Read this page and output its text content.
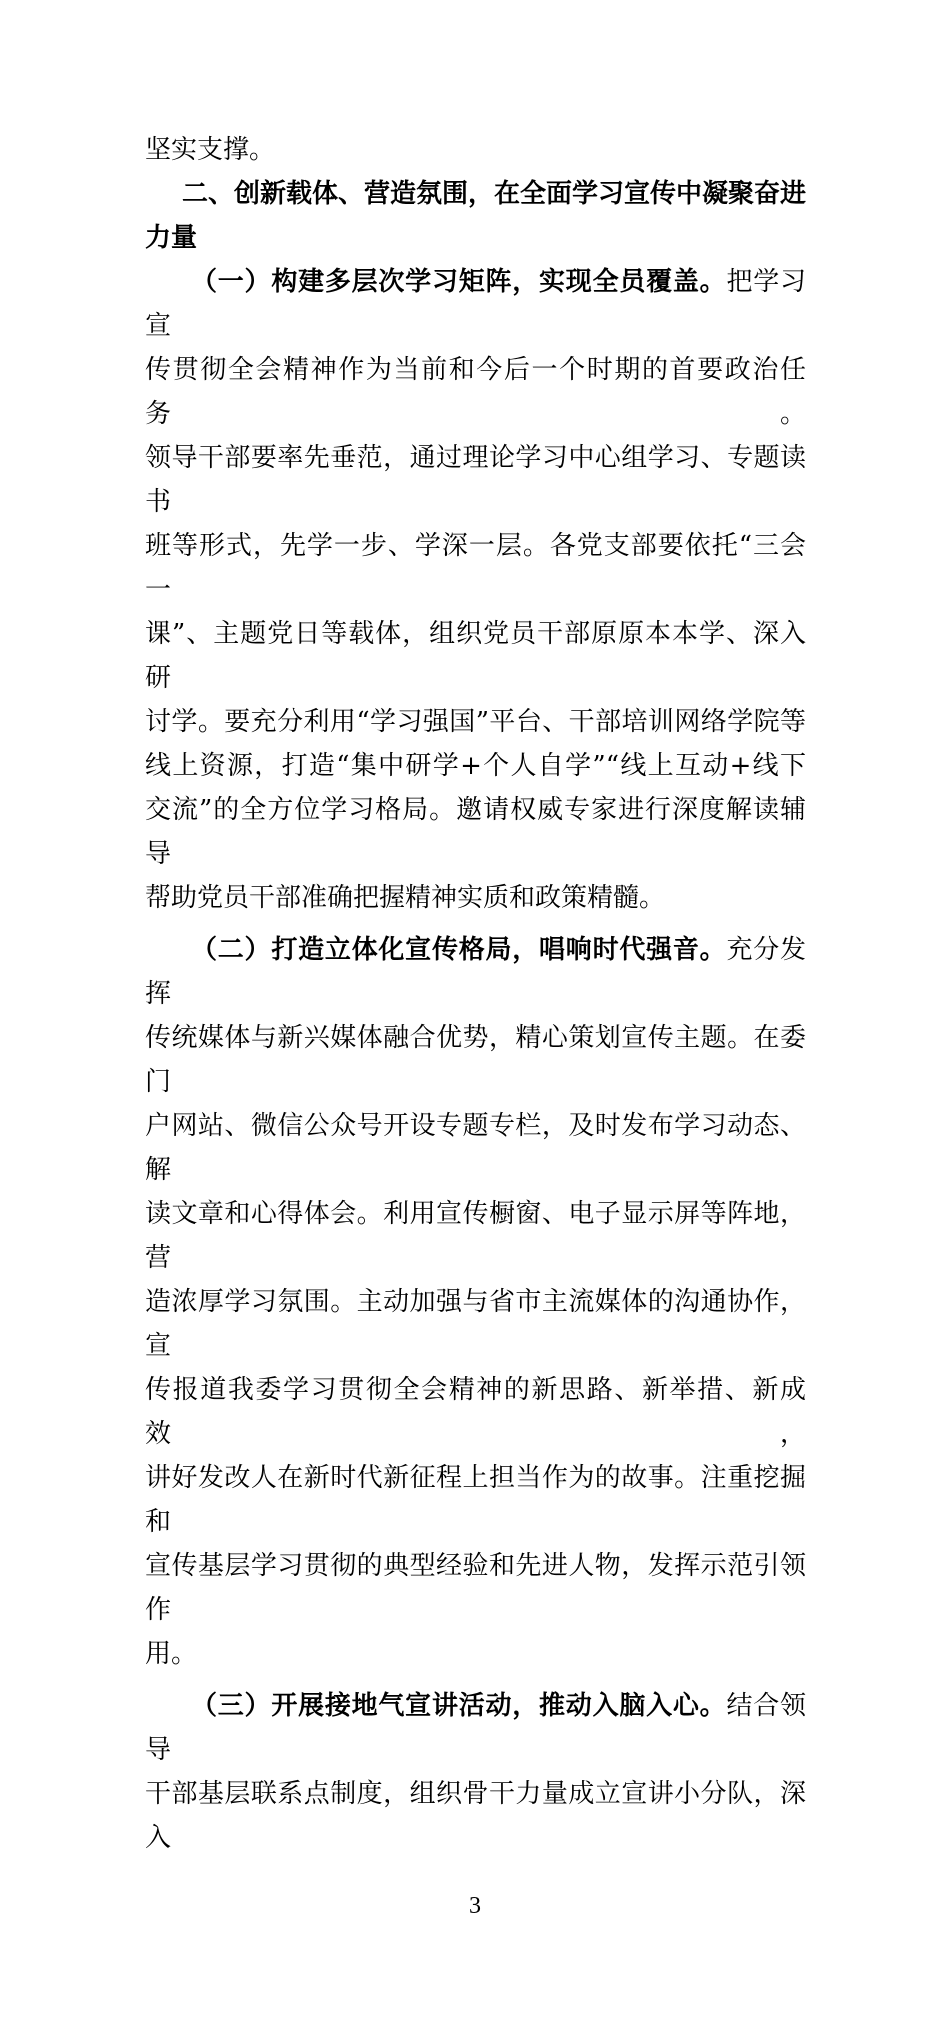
坚实支撑。
二、创新载体、营造氛围，在全面学习宣传中凝聚奋进
力量
（一）构建多层次学习矩阵，实现全员覆盖。把学习宣
传贯彻全会精神作为当前和今后一个时期的首要政治任务。
领导干部要率先垂范，通过理论学习中心组学习、专题读书
班等形式，先学一步、学深一层。各党支部要依托“三会一
课”、主题党日等载体，组织党员干部原原本本学、深入研
讨学。要充分利用“学习强国”平台、干部培训网络学院等
线上资源，打造“集中研学+个人自学”“线上互动+线下
交流”的全方位学习格局。邀请权威专家进行深度解读辅导
帮助党员干部准确把握精神实质和政策精髓。
（二）打造立体化宣传格局，唱响时代强音。充分发挥
传统媒体与新兴媒体融合优势，精心策划宣传主题。在委门
户网站、微信公众号开设专题专栏，及时发布学习动态、解
读文章和心得体会。利用宣传橱窗、电子显示屏等阵地，营
造浓厚学习氛围。主动加强与省市主流媒体的沟通协作，宣
传报道我委学习贯彻全会精神的新思路、新举措、新成效，
讲好发改人在新时代新征程上担当作为的故事。注重挖掘和
宣传基层学习贯彻的典型经验和先进人物，发挥示范引领作
用。
（三）开展接地气宣讲活动，推动入脑入心。结合领导
干部基层联系点制度，组织骨干力量成立宣讲小分队，深入
3
